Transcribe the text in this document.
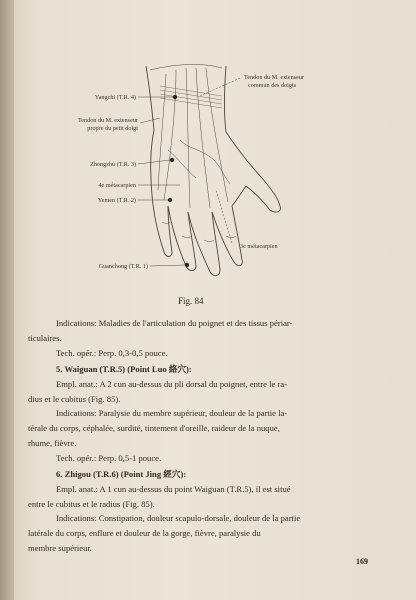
Tendon du M. extenseur
commun des doigts
Yangchi (T.R. 4)
Tendon du M. extenseur
propre du petit doigt
Zhongzhu (T.R. 3)
4e métacarpien
Yemen (T.R. 2)
3e métacarpien
Guanchong (T.R. 1)
Fig. 84
Indications: Maladies de l'articulation du poignet et des tissus périar-
ticulaires.
Tech. opér.: Perp. 0,3-0,5 pouce.
5. Waiguan (T.R.5) (Point Luo 絡穴):
Empl. anat.: A 2 cun au-dessus du pli dorsal du poignet, entre le ra-
dius et le cubitus (Fig. 85).
Indications: Paralysie du membre supérieur, douleur de la partie la-
térale du corps, céphalée, surdité, tintement d'oreille, raideur de la nuque,
rhume, fièvre.
Tech. opér.: Perp. 0,5-1 pouce.
6. Zhigou (T.R.6) (Point Jing 經穴):
Empl. anat.: A 1 cun au-dessus du point Waiguan (T.R.5), il est situé
entre le cubitus et le radius (Fig. 85).
Indications: Constipation, douleur scapulo-dorsale, douleur de la partie
latérale du corps, enflure et douleur de la gorge, fièvre, paralysie du
membre supérieur.
169
